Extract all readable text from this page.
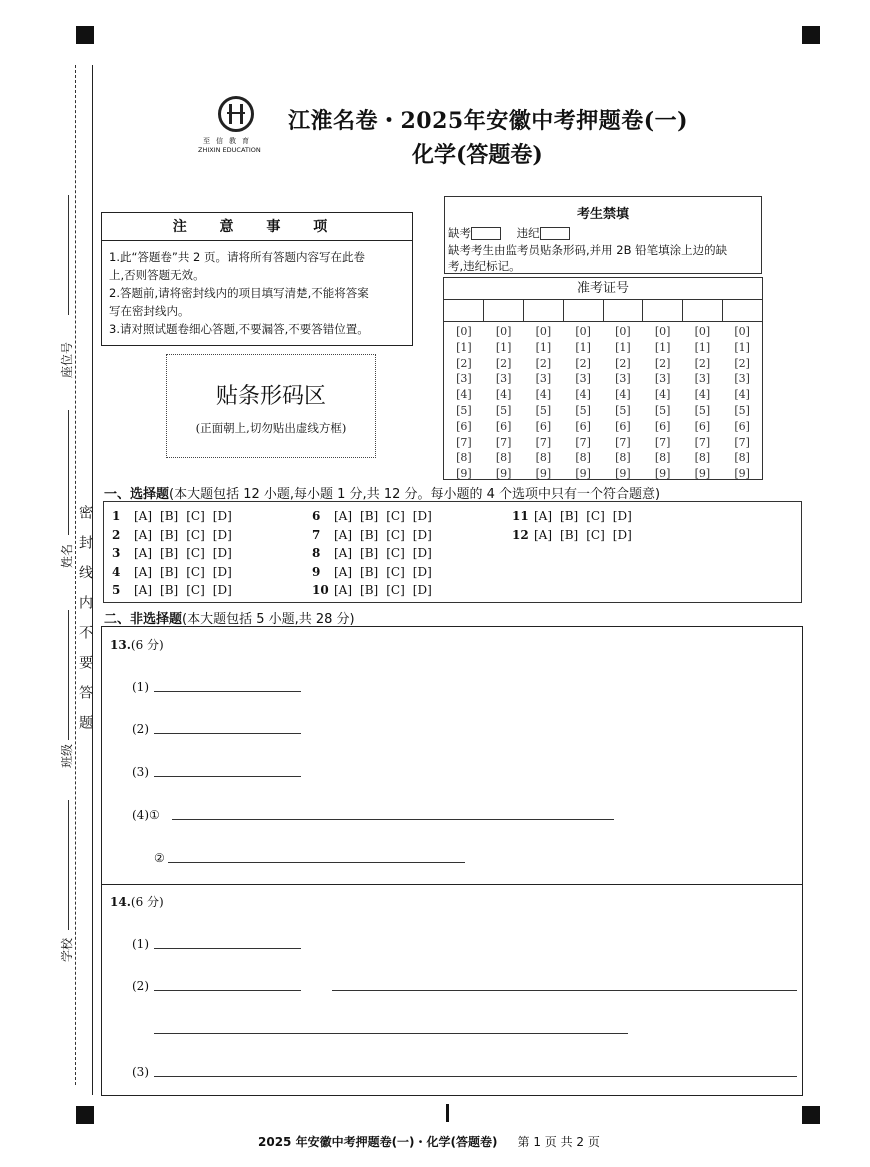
座位号
姓名
班级
学校
密封线内不要答题
至信教育
ZHIXIN EDUCATION
江淮名卷・2025年安徽中考押题卷(一)
化学(答题卷)
注 意 事 项
1.此“答题卷”共 2 页。请将所有答题内容写在此卷
上,否则答题无效。
2.答题前,请将密封线内的项目填写清楚,不能将答案
写在密封线内。
3.请对照试题卷细心答题,不要漏答,不要答错位置。
贴条形码区
(正面朝上,切勿贴出虚线方框)
考生禁填
缺考	违纪
缺考考生由监考员贴条形码,并用 2B 铅笔填涂上边的缺
考,违纪标记。
准考证号
[0]
[1]
[2]
[3]
[4]
[5]
[6]
[7]
[8]
[9]
[0]
[1]
[2]
[3]
[4]
[5]
[6]
[7]
[8]
[9]
[0]
[1]
[2]
[3]
[4]
[5]
[6]
[7]
[8]
[9]
[0]
[1]
[2]
[3]
[4]
[5]
[6]
[7]
[8]
[9]
[0]
[1]
[2]
[3]
[4]
[5]
[6]
[7]
[8]
[9]
[0]
[1]
[2]
[3]
[4]
[5]
[6]
[7]
[8]
[9]
[0]
[1]
[2]
[3]
[4]
[5]
[6]
[7]
[8]
[9]
[0]
[1]
[2]
[3]
[4]
[5]
[6]
[7]
[8]
[9]
一、选择题(本大题包括 12 小题,每小题 1 分,共 12 分。每小题的 4 个选项中只有一个符合题意)
1 [A] [B] [C] [D]
2 [A] [B] [C] [D]
3 [A] [B] [C] [D]
4 [A] [B] [C] [D]
5 [A] [B] [C] [D]
6 [A] [B] [C] [D]
7 [A] [B] [C] [D]
8 [A] [B] [C] [D]
9 [A] [B] [C] [D]
10 [A] [B] [C] [D]
11 [A] [B] [C] [D]
12 [A] [B] [C] [D]
二、非选择题(本大题包括 5 小题,共 28 分)
13.(6 分)
(1)
(2)
(3)
(4)①
②
14.(6 分)
(1)
(2)
(3)
2025 年安徽中考押题卷(一)・化学(答题卷) 第 1 页 共 2 页
